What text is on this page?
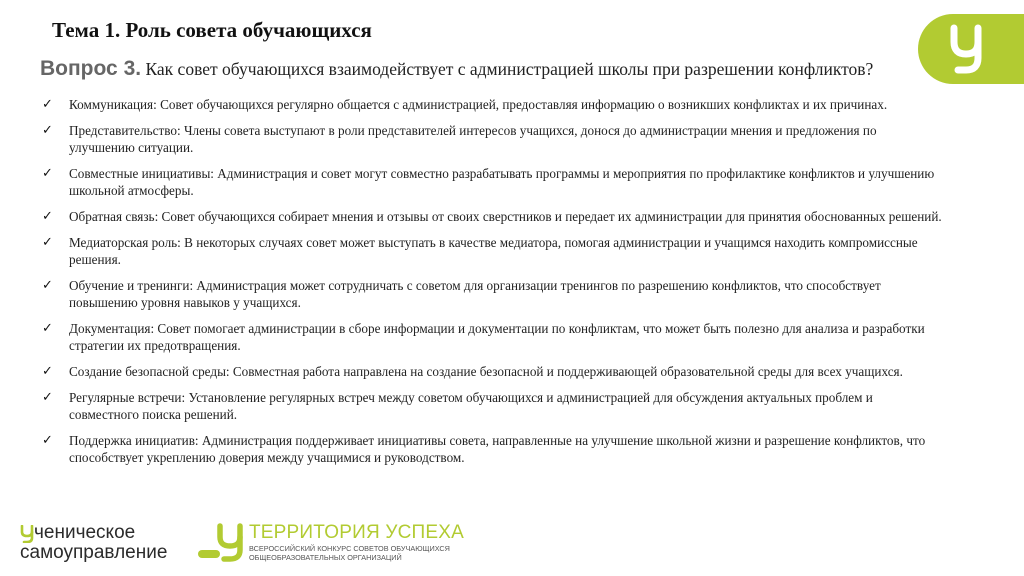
Тема 1. Роль совета обучающихся
Вопрос 3. Как совет обучающихся взаимодействует с администрацией школы при разрешении конфликтов?
✓ Коммуникация: Совет обучающихся регулярно общается с администрацией, предоставляя информацию о возникших конфликтах и их причинах.
✓ Представительство: Члены совета выступают в роли представителей интересов учащихся, донося до администрации мнения и предложения по улучшению ситуации.
✓ Совместные инициативы: Администрация и совет могут совместно разрабатывать программы и мероприятия по профилактике конфликтов и улучшению школьной атмосферы.
✓ Обратная связь: Совет обучающихся собирает мнения и отзывы от своих сверстников и передает их администрации для принятия обоснованных решений.
✓ Медиаторская роль: В некоторых случаях совет может выступать в качестве медиатора, помогая администрации и учащимся находить компромиссные решения.
✓ Обучение и тренинги: Администрация может сотрудничать с советом для организации тренингов по разрешению конфликтов, что способствует повышению уровня навыков у учащихся.
✓ Документация: Совет помогает администрации в сборе информации и документации по конфликтам, что может быть полезно для анализа и разработки стратегии их предотвращения.
✓ Создание безопасной среды: Совместная работа направлена на создание безопасной и поддерживающей образовательной среды для всех учащихся.
✓ Регулярные встречи: Установление регулярных встреч между советом обучающихся и администрацией для обсуждения актуальных проблем и совместного поиска решений.
✓ Поддержка инициатив: Администрация поддерживает инициативы совета, направленные на улучшение школьной жизни и разрешение конфликтов, что способствует укреплению доверия между учащимися и руководством.
ченическое
самоуправление
ТЕРРИТОРИЯ УСПЕХА
ВСЕРОССИЙСКИЙ КОНКУРС СОВЕТОВ ОБУЧАЮЩИХСЯ
ОБЩЕОБРАЗОВАТЕЛЬНЫХ ОРГАНИЗАЦИЙ
